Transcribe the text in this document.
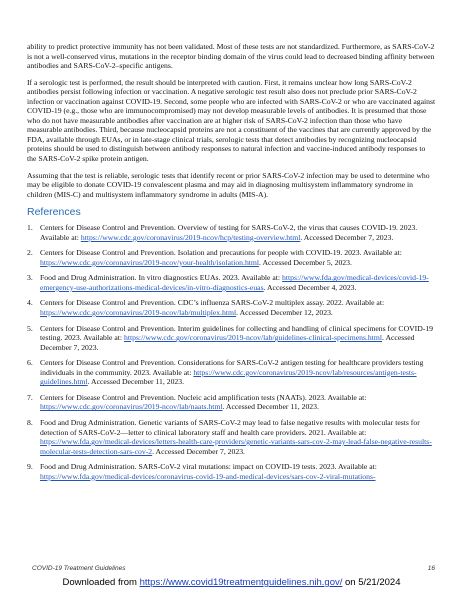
ability to predict protective immunity has not been validated. Most of these tests are not standardized. Furthermore, as SARS-CoV-2 is not a well-conserved virus, mutations in the receptor binding domain of the virus could lead to decreased binding affinity between antibodies and SARS-CoV-2–specific antigens.

If a serologic test is performed, the result should be interpreted with caution. First, it remains unclear how long SARS-CoV-2 antibodies persist following infection or vaccination. A negative serologic test result also does not preclude prior SARS-CoV-2 infection or vaccination against COVID-19. Second, some people who are infected with SARS-CoV-2 or who are vaccinated against COVID-19 (e.g., those who are immunocompromised) may not develop measurable levels of antibodies. It is presumed that those who do not have measurable antibodies after vaccination are at higher risk of SARS-CoV-2 infection than those who have measurable antibodies. Third, because nucleocapsid proteins are not a constituent of the vaccines that are currently approved by the FDA, available through EUAs, or in late-stage clinical trials, serologic tests that detect antibodies by recognizing nucleocapsid proteins should be used to distinguish between antibody responses to natural infection and vaccine-induced antibody responses to the SARS-CoV-2 spike protein antigen.

Assuming that the test is reliable, serologic tests that identify recent or prior SARS-CoV-2 infection may be used to determine who may be eligible to donate COVID-19 convalescent plasma and may aid in diagnosing multisystem inflammatory syndrome in children (MIS-C) and multisystem inflammatory syndrome in adults (MIS-A).

References
1. Centers for Disease Control and Prevention. Overview of testing for SARS-CoV-2, the virus that causes COVID-19. 2023. Available at: https://www.cdc.gov/coronavirus/2019-ncov/hcp/testing-overview.html. Accessed December 7, 2023.
2. Centers for Disease Control and Prevention. Isolation and precautions for people with COVID-19. 2023. Available at: https://www.cdc.gov/coronavirus/2019-ncov/your-health/isolation.html. Accessed December 5, 2023.
3. Food and Drug Administration. In vitro diagnostics EUAs. 2023. Available at: https://www.fda.gov/medical-devices/covid-19-emergency-use-authorizations-medical-devices/in-vitro-diagnostics-euas. Accessed December 4, 2023.
4. Centers for Disease Control and Prevention. CDC’s influenza SARS-CoV-2 multiplex assay. 2022. Available at: https://www.cdc.gov/coronavirus/2019-ncov/lab/multiplex.html. Accessed December 12, 2023.
5. Centers for Disease Control and Prevention. Interim guidelines for collecting and handling of clinical specimens for COVID-19 testing. 2023. Available at: https://www.cdc.gov/coronavirus/2019-ncov/lab/guidelines-clinical-specimens.html. Accessed December 7, 2023.
6. Centers for Disease Control and Prevention. Considerations for SARS-CoV-2 antigen testing for healthcare providers testing individuals in the community. 2023. Available at: https://www.cdc.gov/coronavirus/2019-ncov/lab/resources/antigen-tests-guidelines.html. Accessed December 11, 2023.
7. Centers for Disease Control and Prevention. Nucleic acid amplification tests (NAATs). 2023. Available at: https://www.cdc.gov/coronavirus/2019-ncov/lab/naats.html. Accessed December 11, 2023.
8. Food and Drug Administration. Genetic variants of SARS-CoV-2 may lead to false negative results with molecular tests for detection of SARS-CoV-2—letter to clinical laboratory staff and health care providers. 2021. Available at: https://www.fda.gov/medical-devices/letters-health-care-providers/genetic-variants-sars-cov-2-may-lead-false-negative-results-molecular-tests-detection-sars-cov-2. Accessed December 7, 2023.
9. Food and Drug Administration. SARS-CoV-2 viral mutations: impact on COVID-19 tests. 2023. Available at: https://www.fda.gov/medical-devices/coronavirus-covid-19-and-medical-devices/sars-cov-2-viral-mutations-
COVID-19 Treatment Guidelines	16
Downloaded from https://www.covid19treatmentguidelines.nih.gov/ on 5/21/2024
